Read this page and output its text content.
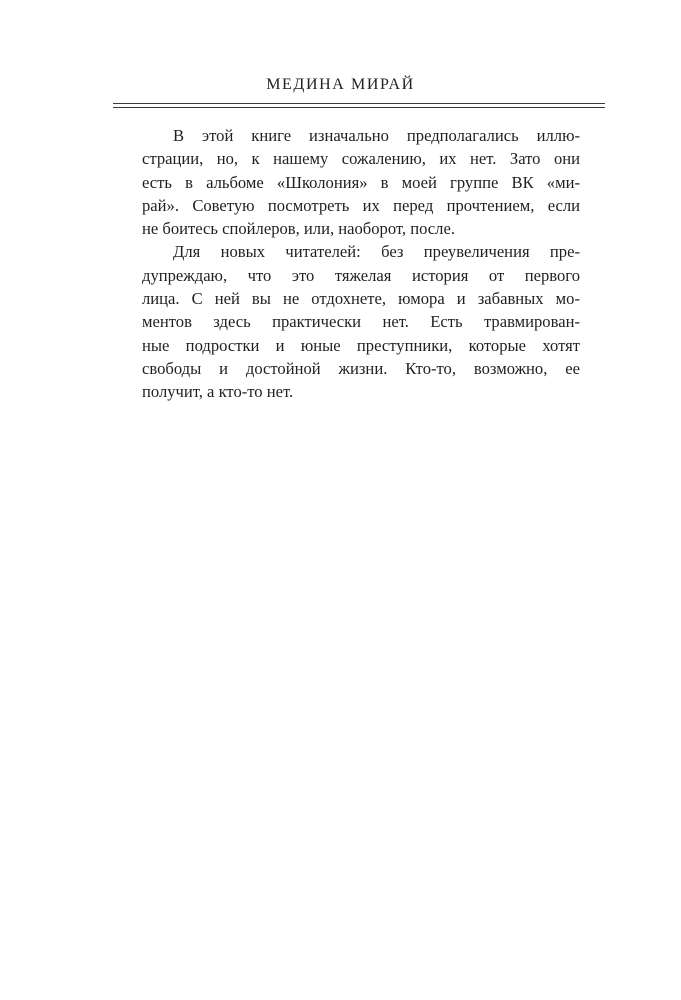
МЕДИНА МИРАЙ
В этой книге изначально предполагались иллю-
страции, но, к нашему сожалению, их нет. Зато они
есть в альбоме «Школония» в моей группе ВК «ми-
рай». Советую посмотреть их перед прочтением, если
не боитесь спойлеров, или, наоборот, после.
Для новых читателей: без преувеличения пре-
дупреждаю, что это тяжелая история от первого
лица. С ней вы не отдохнете, юмора и забавных мо-
ментов здесь практически нет. Есть травмирован-
ные подростки и юные преступники, которые хотят
свободы и достойной жизни. Кто-то, возможно, ее
получит, а кто-то нет.
